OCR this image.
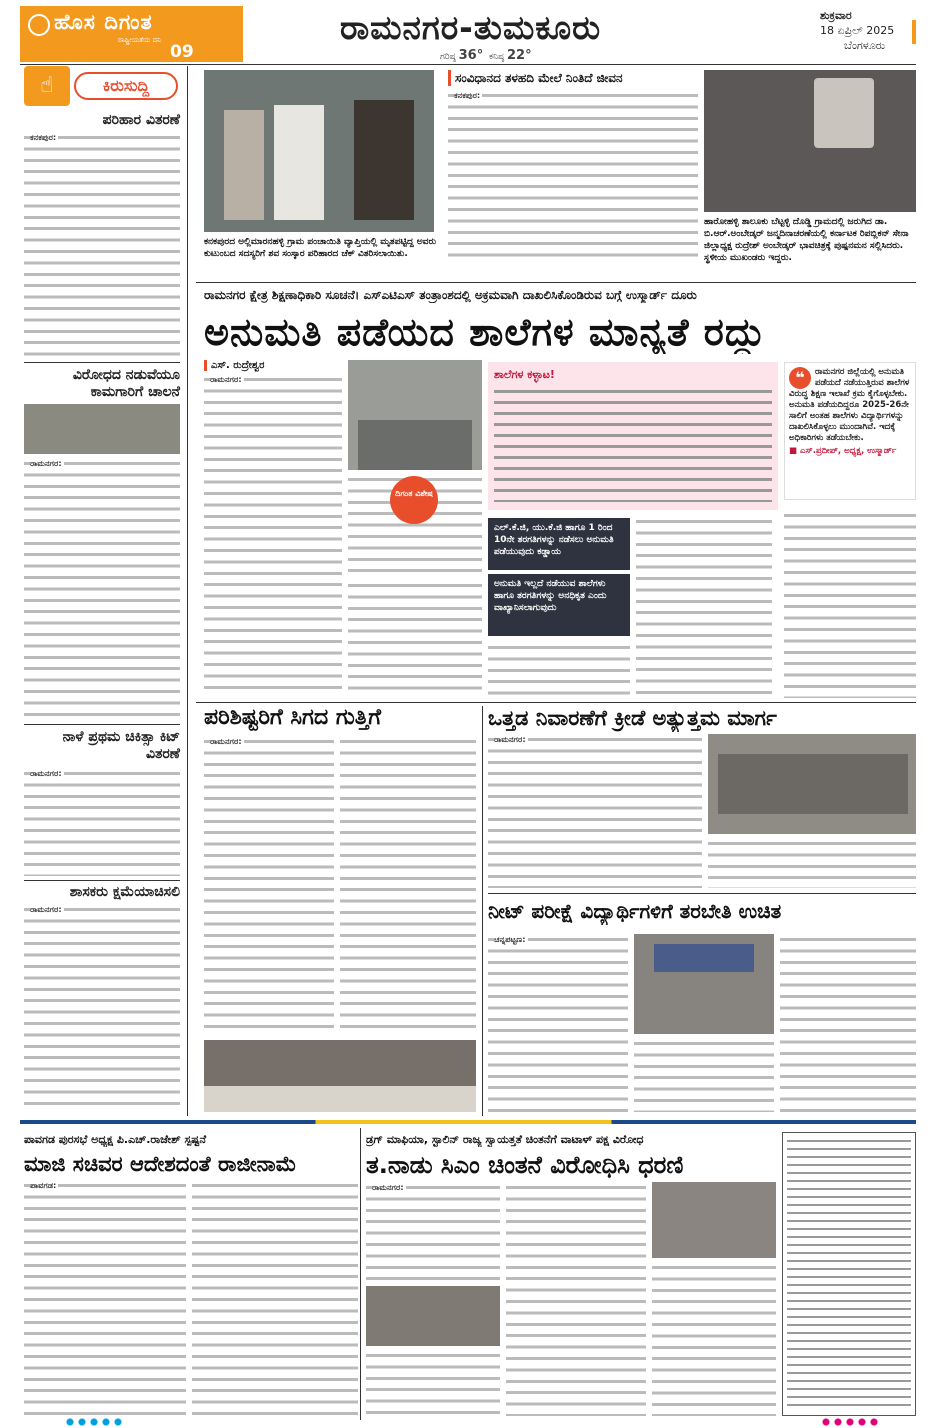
ಹೊಸ ದಿಗಂತ
ರಾಷ್ಟ್ರೀಯತೆಯ ದನಿ
09
ರಾಮನಗರ-ತುಮಕೂರು
ಗರಿಷ್ಠ 36° ಕನಿಷ್ಠ 22°
ಶುಕ್ರವಾರ
18 ಏಪ್ರಿಲ್ 2025
ಬೆಂಗಳೂರು
☝	ಕಿರುಸುದ್ದಿ
ಪರಿಹಾರ ವಿತರಣೆ
ಕನಕಪುರ:
ವಿರೋಧದ ನಡುವೆಯೂ ಕಾಮಗಾರಿಗೆ ಚಾಲನೆ
ರಾಮನಗರ:
ನಾಳೆ ಪ್ರಥಮ ಚಿಕಿತ್ಸಾ ಕಿಟ್ ವಿತರಣೆ
ರಾಮನಗರ:
ಶಾಸಕರು ಕ್ಷಮೆಯಾಚಿಸಲಿ
ರಾಮನಗರ:
ಕನಕಪುರದ ಅಲ್ಲಿಮಾರನಹಳ್ಳಿ ಗ್ರಾಮ ಪಂಚಾಯಿತಿ ವ್ಯಾಪ್ತಿಯಲ್ಲಿ ಮೃತಪಟ್ಟಿದ್ದ ಅವರು ಕುಟುಂಬದ ಸದಸ್ಯರಿಗೆ ಶವ ಸಂಸ್ಕಾರ ಪರಿಹಾರದ ಚೆಕ್ ವಿತರಿಸಲಾಯಿತು.
ಸಂವಿಧಾನದ ತಳಹದಿ ಮೇಲೆ ನಿಂತಿದೆ ಜೀವನ
ಕನಕಪುರ:
ಹಾರೋಹಳ್ಳಿ ತಾಲೂಕು ಬೆಟ್ಟಳ್ಳಿ ದೊಡ್ಡಿ ಗ್ರಾಮದಲ್ಲಿ ಜರುಗಿದ ಡಾ. ಬಿ.ಆರ್.ಅಂಬೇಡ್ಕರ್ ಜನ್ಮದಿನಾಚರಣೆಯಲ್ಲಿ ಕರ್ನಾಟಕ ರಿಪಬ್ಲಿಕನ್ ಸೇನಾ ಜಿಲ್ಲಾಧ್ಯಕ್ಷ ರುದ್ರೇಶ್ ಅಂಬೇಡ್ಕರ್ ಭಾವಚಿತ್ರಕ್ಕೆ ಪುಷ್ಪನಮನ ಸಲ್ಲಿಸಿದರು. ಸ್ಥಳೀಯ ಮುಖಂಡರು ಇದ್ದರು.
ರಾಮನಗರ ಕ್ಷೇತ್ರ ಶಿಕ್ಷಣಾಧಿಕಾರಿ ಸೂಚನೆ। ಎಸ್‌ಎಟಿಎಸ್ ತಂತ್ರಾಂಶದಲ್ಲಿ ಅಕ್ರಮವಾಗಿ ದಾಖಲಿಸಿಕೊಂಡಿರುವ ಬಗ್ಗೆ ಉಸ್ಮಾರ್ಡ್ ದೂರು
ಅನುಮತಿ ಪಡೆಯದ ಶಾಲೆಗಳ ಮಾನ್ಯತೆ ರದ್ದು
ಎಸ್. ರುದ್ರೇಶ್ವರ
ರಾಮನಗರ:
ದಿಗಂತ ವಿಶೇಷ
ಶಾಲೆಗಳ ಕಳ್ಳಾಟ!	❝	ರಾಮನಗರ ಜಿಲ್ಲೆಯಲ್ಲಿ ಅನುಮತಿ ಪಡೆಯದೆ ನಡೆಯುತ್ತಿರುವ ಶಾಲೆಗಳ ವಿರುದ್ಧ ಶಿಕ್ಷಣ ಇಲಾಖೆ ಕ್ರಮ ಕೈಗೊಳ್ಳಬೇಕು. ಅನುಮತಿ ಪಡೆಯದಿದ್ದರೂ 2025-26ನೇ ಸಾಲಿಗೆ ಅಂತಹ ಶಾಲೆಗಳು ವಿದ್ಯಾರ್ಥಿಗಳನ್ನು ದಾಖಲಿಸಿಕೊಳ್ಳಲು ಮುಂದಾಗಿವೆ. ಇದಕ್ಕೆ ಅಧಿಕಾರಿಗಳು ತಡೆಯಬೇಕು.
■ ಎಸ್.ಪ್ರದೀಪ್, ಅಧ್ಯಕ್ಷ, ಉಸ್ಮಾರ್ಡ್
ಎಲ್.ಕೆ.ಜಿ, ಯು.ಕೆ.ಜಿ ಹಾಗೂ 1 ರಿಂದ 10ನೇ ತರಗತಿಗಳನ್ನು ನಡೆಸಲು ಅನುಮತಿ ಪಡೆಯುವುದು ಕಡ್ಡಾಯ
ಅನುಮತಿ ಇಲ್ಲದೆ ನಡೆಯುವ ಶಾಲೆಗಳು ಹಾಗೂ ತರಗತಿಗಳನ್ನು ಅನಧಿಕೃತ ಎಂದು ವಾಖ್ಯಾನಿಸಲಾಗುವುದು
ಪರಿಶಿಷ್ಟರಿಗೆ ಸಿಗದ ಗುತ್ತಿಗೆ
ರಾಮನಗರ:
ಒತ್ತಡ ನಿವಾರಣೆಗೆ ಕ್ರೀಡೆ ಅತ್ಯುತ್ತಮ ಮಾರ್ಗ
ರಾಮನಗರ:
ನೀಟ್ ಪರೀಕ್ಷೆ ವಿದ್ಯಾರ್ಥಿಗಳಿಗೆ ತರಬೇತಿ ಉಚಿತ
ಚನ್ನಪಟ್ಟಣ:
ಪಾವಗಡ ಪುರಸಭೆ ಅಧ್ಯಕ್ಷ ಪಿ.ಎಚ್.ರಾಜೇಶ್ ಸ್ಪಷ್ಟನೆ
ಮಾಜಿ ಸಚಿವರ ಆದೇಶದಂತೆ ರಾಜೀನಾಮೆ
ಪಾವಗಡ:
ಡ್ರಗ್ ಮಾಫಿಯಾ, ಸ್ಟಾಲಿನ್ ರಾಜ್ಯ ಸ್ವಾಯತ್ತತೆ ಚಿಂತನೆಗೆ ವಾಟಾಳ್ ಪಕ್ಷ ವಿರೋಧ
ತ.ನಾಡು ಸಿಎಂ ಚಿಂತನೆ ವಿರೋಧಿಸಿ ಧರಣಿ
ರಾಮನಗರ:
